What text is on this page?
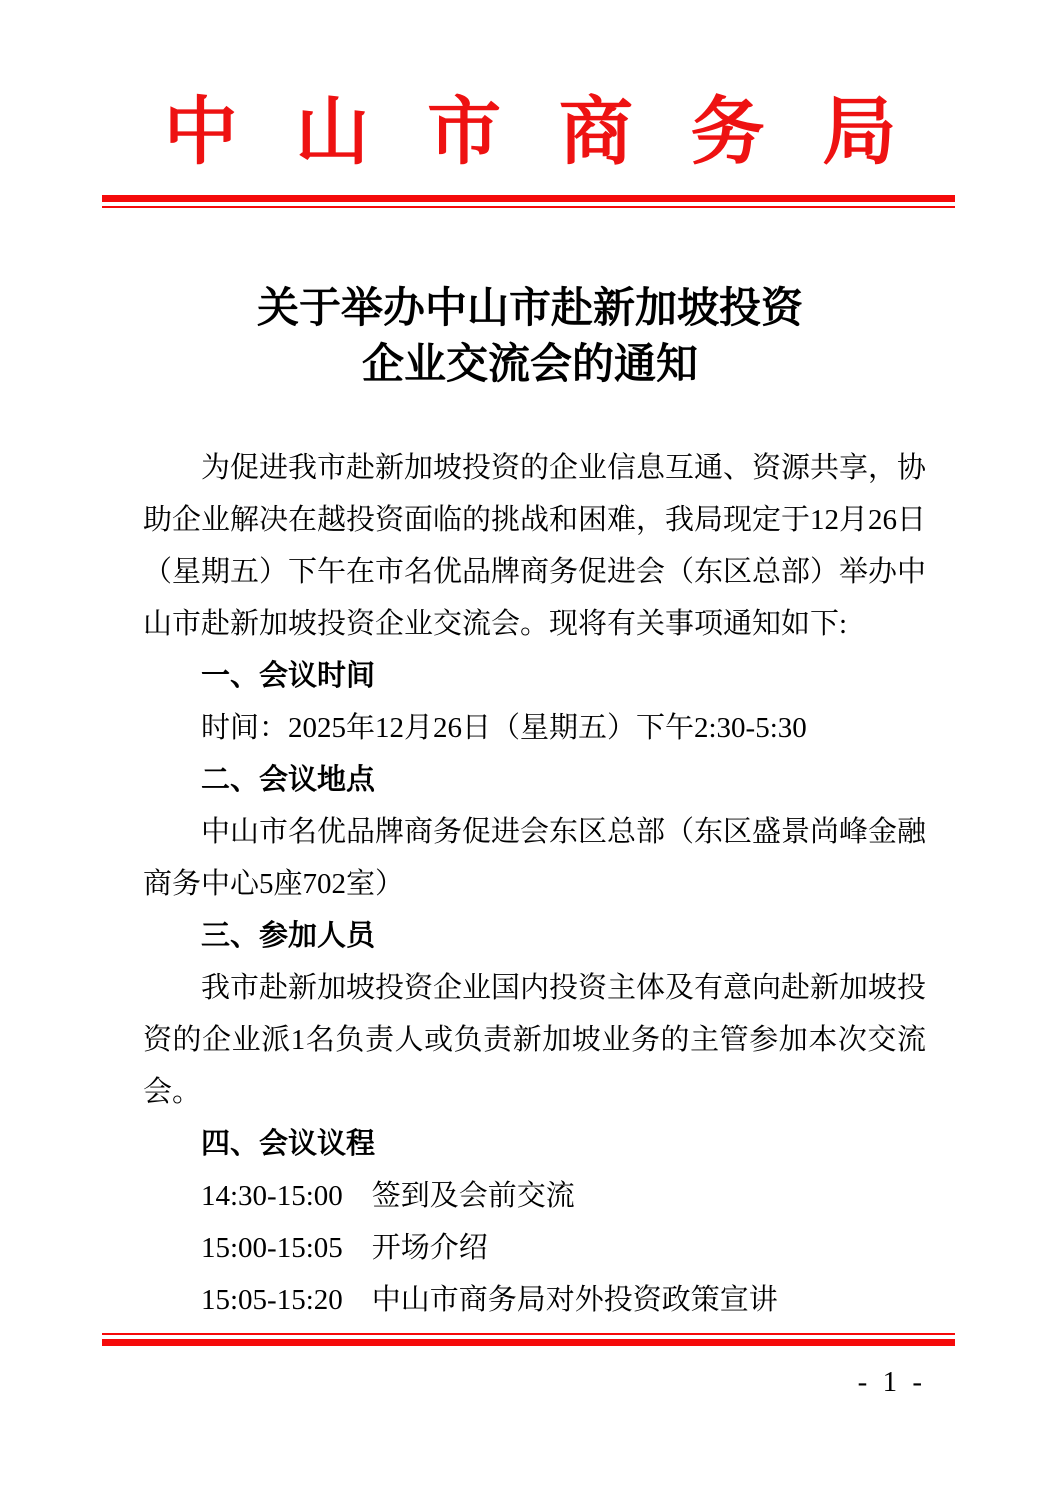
中山市商务局
关于举办中山市赴新加坡投资
企业交流会的通知

为促进我市赴新加坡投资的企业信息互通、资源共享，协助企业解决在越投资面临的挑战和困难，我局现定于12月26日（星期五）下午在市名优品牌商务促进会（东区总部）举办中山市赴新加坡投资企业交流会。现将有关事项通知如下:

一、会议时间

时间：2025年12月26日（星期五）下午2:30-5:30

二、会议地点

中山市名优品牌商务促进会东区总部（东区盛景尚峰金融商务中心5座702室）

三、参加人员

我市赴新加坡投资企业国内投资主体及有意向赴新加坡投资的企业派1名负责人或负责新加坡业务的主管参加本次交流会。

四、会议议程

14:30-15:00　签到及会前交流

15:00-15:05　开场介绍

15:05-15:20　中山市商务局对外投资政策宣讲

- 1 -
